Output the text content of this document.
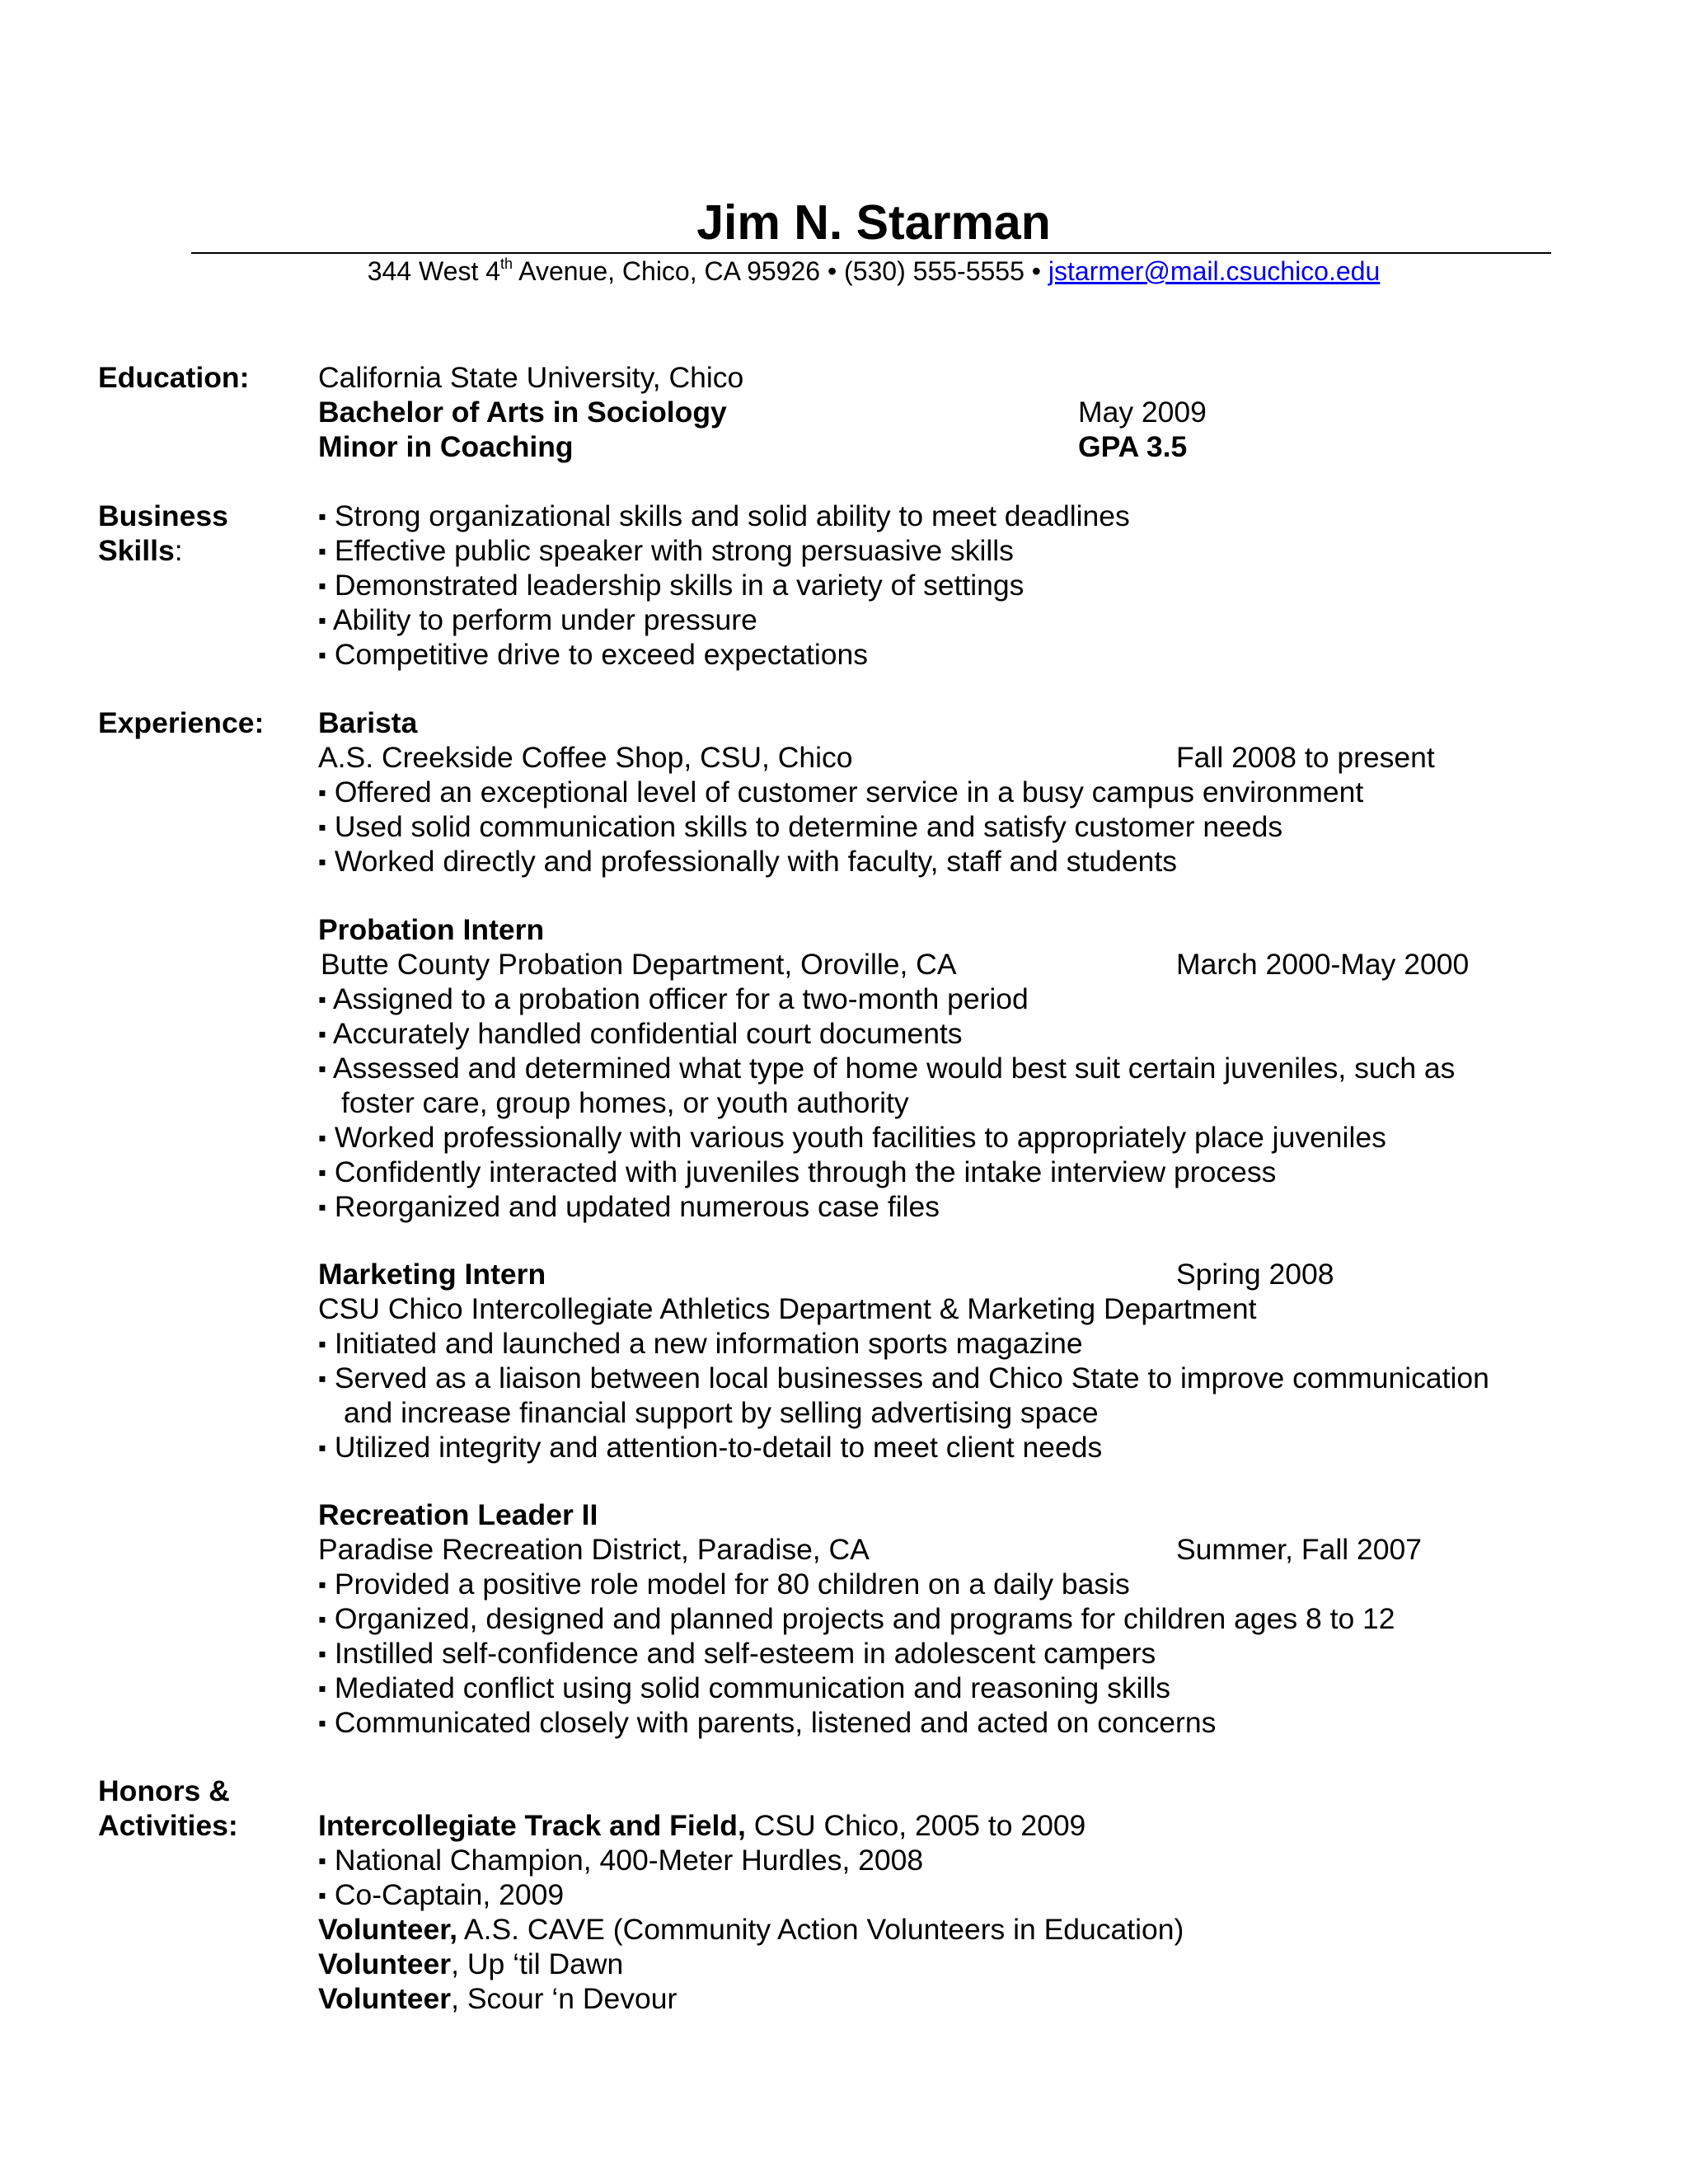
Jim N. Starman
344 West 4th Avenue, Chico, CA 95926 • (530) 555-5555 • jstarmer@mail.csuchico.edu
Education: California State University, Chico
Bachelor of Arts in Sociology	May 2009
Minor in Coaching	GPA 3.5
Business
Skills:
▪ Strong organizational skills and solid ability to meet deadlines
▪ Effective public speaker with strong persuasive skills
▪ Demonstrated leadership skills in a variety of settings
▪ Ability to perform under pressure
▪ Competitive drive to exceed expectations
Experience: Barista
A.S. Creekside Coffee Shop, CSU, Chico	Fall 2008 to present
▪ Offered an exceptional level of customer service in a busy campus environment
▪ Used solid communication skills to determine and satisfy customer needs
▪ Worked directly and professionally with faculty, staff and students
Probation Intern
Butte County Probation Department, Oroville, CA	March 2000-May 2000
▪ Assigned to a probation officer for a two-month period
▪ Accurately handled confidential court documents
▪ Assessed and determined what type of home would best suit certain juveniles, such as
foster care, group homes, or youth authority
▪ Worked professionally with various youth facilities to appropriately place juveniles
▪ Confidently interacted with juveniles through the intake interview process
▪ Reorganized and updated numerous case files
Marketing Intern	Spring 2008
CSU Chico Intercollegiate Athletics Department & Marketing Department
▪ Initiated and launched a new information sports magazine
▪ Served as a liaison between local businesses and Chico State to improve communication
and increase financial support by selling advertising space
▪ Utilized integrity and attention-to-detail to meet client needs
Recreation Leader II
Paradise Recreation District, Paradise, CA	Summer, Fall 2007
▪ Provided a positive role model for 80 children on a daily basis
▪ Organized, designed and planned projects and programs for children ages 8 to 12
▪ Instilled self-confidence and self-esteem in adolescent campers
▪ Mediated conflict using solid communication and reasoning skills
▪ Communicated closely with parents, listened and acted on concerns
Honors &
Activities:	Intercollegiate Track and Field, CSU Chico, 2005 to 2009
▪ National Champion, 400-Meter Hurdles, 2008
▪ Co-Captain, 2009
Volunteer, A.S. CAVE (Community Action Volunteers in Education)
Volunteer, Up ‘til Dawn
Volunteer, Scour ‘n Devour
